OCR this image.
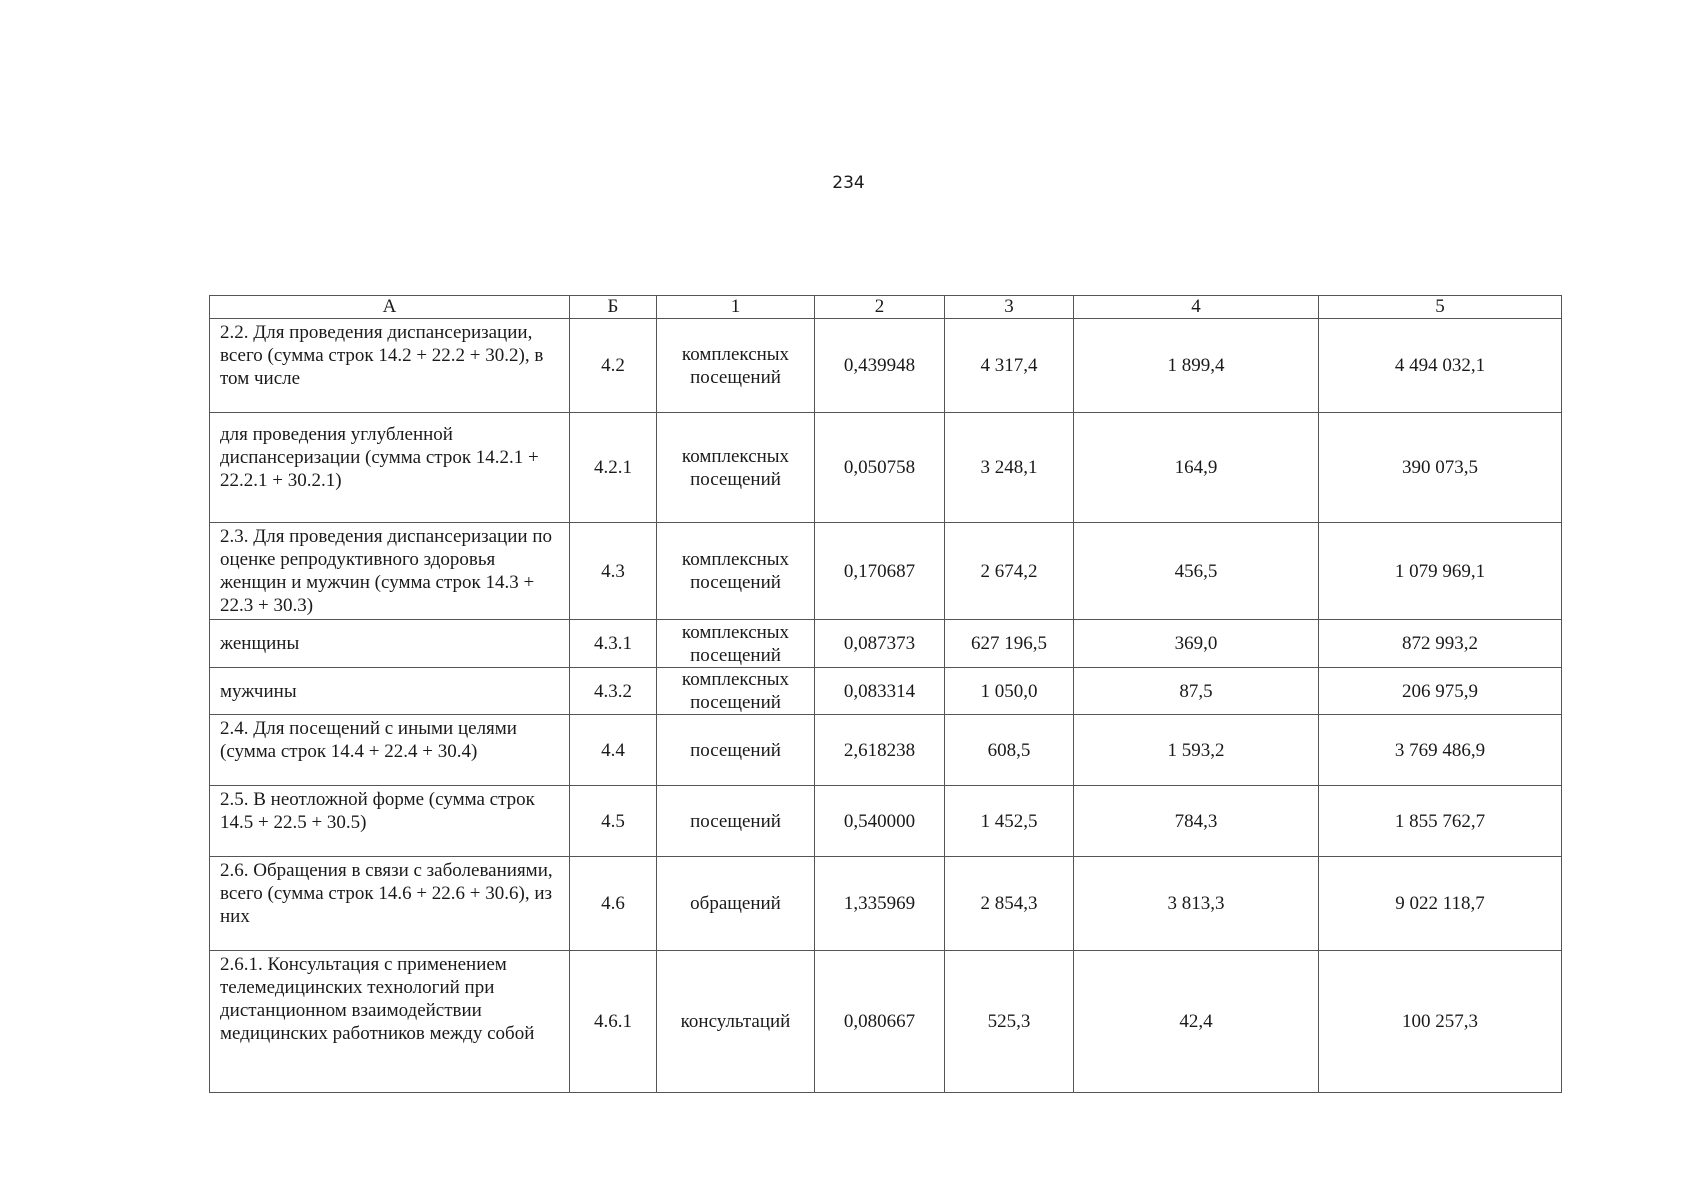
234
А	Б	1	2	3	4	5
2.2. Для проведения диспансеризации, всего (сумма строк 14.2 + 22.2 + 30.2), в том числе	4.2	комплексных посещений	0,439948	4 317,4	1 899,4	4 494 032,1
для проведения углубленной диспансеризации (сумма строк 14.2.1 + 22.2.1 + 30.2.1)	4.2.1	комплексных посещений	0,050758	3 248,1	164,9	390 073,5
2.3. Для проведения диспансеризации по оценке репродуктивного здоровья женщин и мужчин (сумма строк 14.3 + 22.3 + 30.3)	4.3	комплексных посещений	0,170687	2 674,2	456,5	1 079 969,1
женщины	4.3.1	комплексных посещений	0,087373	627 196,5	369,0	872 993,2
мужчины	4.3.2	комплексных посещений	0,083314	1 050,0	87,5	206 975,9
2.4. Для посещений с иными целями (сумма строк 14.4 + 22.4 + 30.4)	4.4	посещений	2,618238	608,5	1 593,2	3 769 486,9
2.5. В неотложной форме (сумма строк 14.5 + 22.5 + 30.5)	4.5	посещений	0,540000	1 452,5	784,3	1 855 762,7
2.6. Обращения в связи с заболеваниями, всего (сумма строк 14.6 + 22.6 + 30.6), из них	4.6	обращений	1,335969	2 854,3	3 813,3	9 022 118,7
2.6.1. Консультация с применением телемедицинских технологий при дистанционном взаимодействии медицинских работников между собой	4.6.1	консультаций	0,080667	525,3	42,4	100 257,3
